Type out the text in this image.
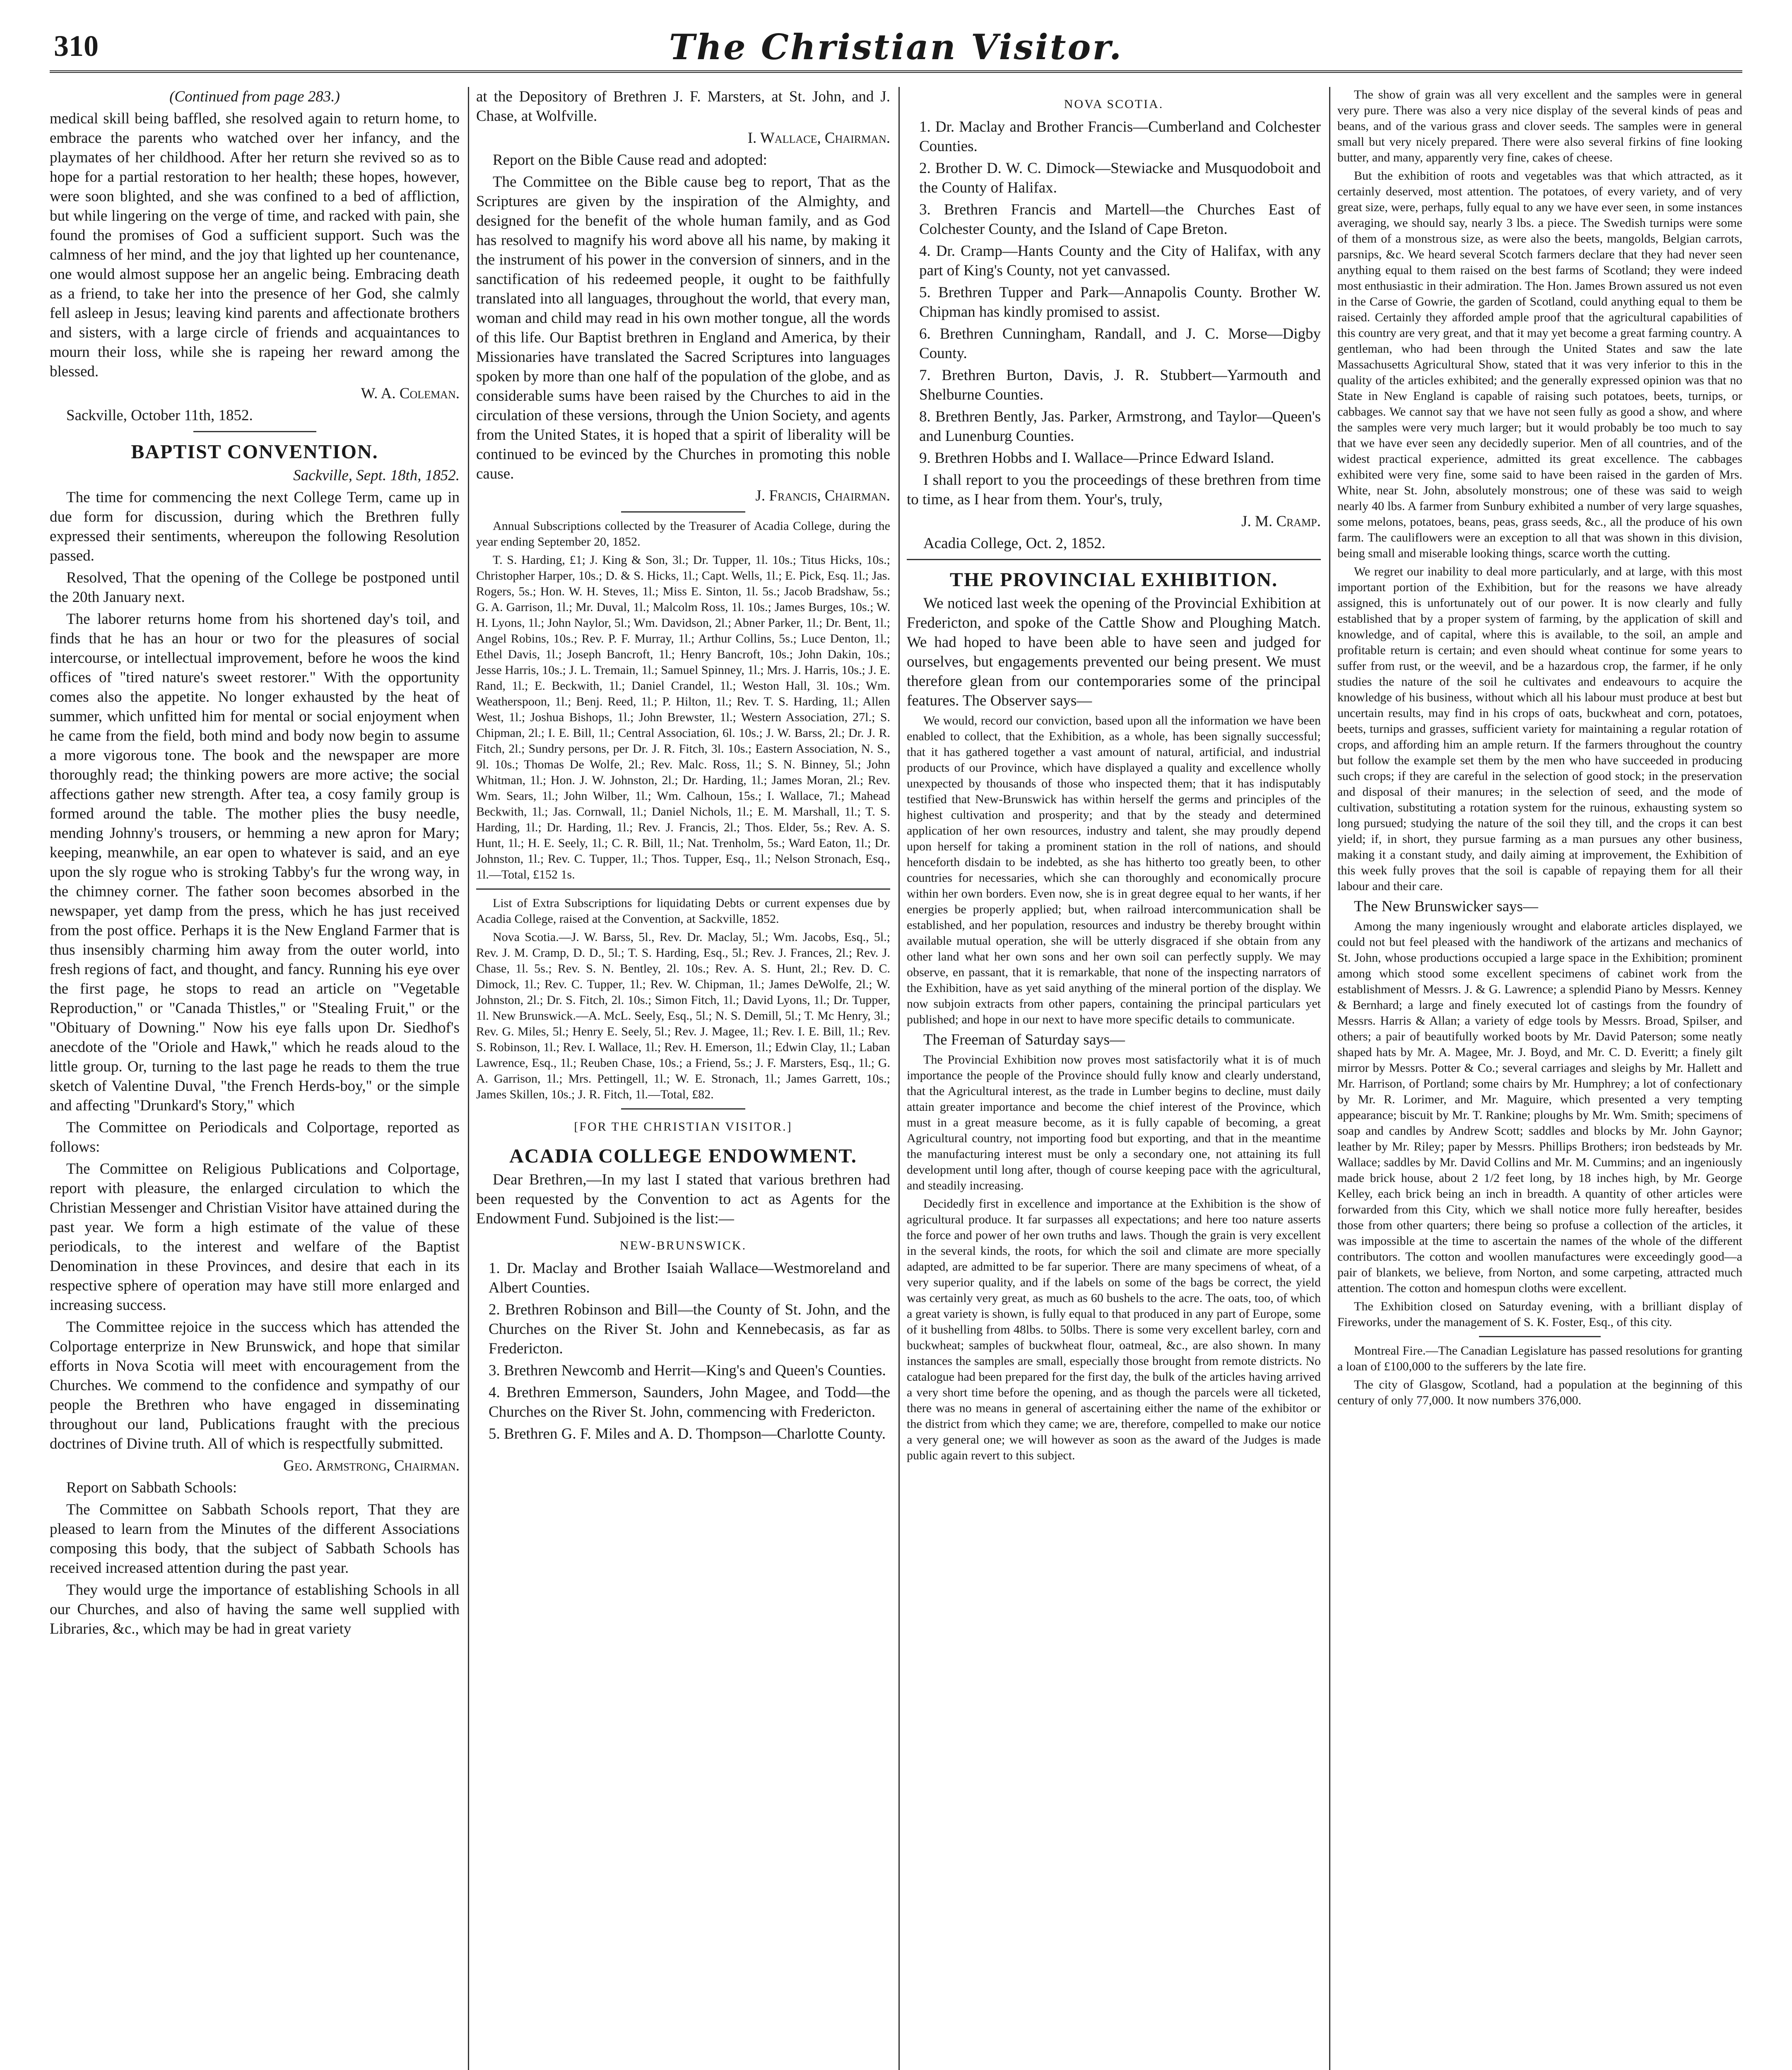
310	The Christian Visitor.

(Continued from page 283.)

medical skill being baffled, she resolved again to return home, to embrace the parents who watched over her infancy, and the playmates of her childhood. After her return she revived so as to hope for a partial restoration to her health; these hopes, however, were soon blighted, and she was confined to a bed of affliction, but while lingering on the verge of time, and racked with pain, she found the promises of God a sufficient support. Such was the calmness of her mind, and the joy that lighted up her countenance, one would almost suppose her an angelic being. Embracing death as a friend, to take her into the presence of her God, she calmly fell asleep in Jesus; leaving kind parents and affectionate brothers and sisters, with a large circle of friends and acquaintances to mourn their loss, while she is rapeing her reward among the blessed.

W. A. Coleman.

Sackville, October 11th, 1852.

BAPTIST CONVENTION.

Sackville, Sept. 18th, 1852.

The time for commencing the next College Term, came up in due form for discussion, during which the Brethren fully expressed their sentiments, whereupon the following Resolution passed.

Resolved, That the opening of the College be postponed until the 20th January next.

The laborer returns home from his shortened day's toil, and finds that he has an hour or two for the pleasures of social intercourse, or intellectual improvement, before he woos the kind offices of "tired nature's sweet restorer." With the opportunity comes also the appetite. No longer exhausted by the heat of summer, which unfitted him for mental or social enjoyment when he came from the field, both mind and body now begin to assume a more vigorous tone. The book and the newspaper are more thoroughly read; the thinking powers are more active; the social affections gather new strength. After tea, a cosy family group is formed around the table. The mother plies the busy needle, mending Johnny's trousers, or hemming a new apron for Mary; keeping, meanwhile, an ear open to whatever is said, and an eye upon the sly rogue who is stroking Tabby's fur the wrong way, in the chimney corner. The father soon becomes absorbed in the newspaper, yet damp from the press, which he has just received from the post office. Perhaps it is the New England Farmer that is thus insensibly charming him away from the outer world, into fresh regions of fact, and thought, and fancy. Running his eye over the first page, he stops to read an article on "Vegetable Reproduction," or "Canada Thistles," or "Stealing Fruit," or the "Obituary of Downing." Now his eye falls upon Dr. Siedhof's anecdote of the "Oriole and Hawk," which he reads aloud to the little group. Or, turning to the last page he reads to them the true sketch of Valentine Duval, "the French Herds-boy," or the simple and affecting "Drunkard's Story," which

The Committee on Periodicals and Colportage, reported as follows:

The Committee on Religious Publications and Colportage, report with pleasure, the enlarged circulation to which the Christian Messenger and Christian Visitor have attained during the past year. We form a high estimate of the value of these periodicals, to the interest and welfare of the Baptist Denomination in these Provinces, and desire that each in its respective sphere of operation may have still more enlarged and increasing success.

The Committee rejoice in the success which has attended the Colportage enterprize in New Brunswick, and hope that similar efforts in Nova Scotia will meet with encouragement from the Churches. We commend to the confidence and sympathy of our people the Brethren who have engaged in disseminating throughout our land, Publications fraught with the precious doctrines of Divine truth. All of which is respectfully submitted.

Geo. Armstrong, Chairman.

Report on Sabbath Schools:

The Committee on Sabbath Schools report, That they are pleased to learn from the Minutes of the different Associations composing this body, that the subject of Sabbath Schools has received increased attention during the past year.

They would urge the importance of establishing Schools in all our Churches, and also of having the same well supplied with Libraries, &c., which may be had in great variety

at the Depository of Brethren J. F. Marsters, at St. John, and J. Chase, at Wolfville.

I. Wallace, Chairman.

Report on the Bible Cause read and adopted:

The Committee on the Bible cause beg to report, That as the Scriptures are given by the inspiration of the Almighty, and designed for the benefit of the whole human family, and as God has resolved to magnify his word above all his name, by making it the instrument of his power in the conversion of sinners, and in the sanctification of his redeemed people, it ought to be faithfully translated into all languages, throughout the world, that every man, woman and child may read in his own mother tongue, all the words of this life. Our Baptist brethren in England and America, by their Missionaries have translated the Sacred Scriptures into languages spoken by more than one half of the population of the globe, and as considerable sums have been raised by the Churches to aid in the circulation of these versions, through the Union Society, and agents from the United States, it is hoped that a spirit of liberality will be continued to be evinced by the Churches in promoting this noble cause.

J. Francis, Chairman.

Annual Subscriptions collected by the Treasurer of Acadia College, during the year ending September 20, 1852.

T. S. Harding, £1; J. King & Son, 3l.; Dr. Tupper, 1l. 10s.; Titus Hicks, 10s.; Christopher Harper, 10s.; D. & S. Hicks, 1l.; Capt. Wells, 1l.; E. Pick, Esq. 1l.; Jas. Rogers, 5s.; Hon. W. H. Steves, 1l.; Miss E. Sinton, 1l. 5s.; Jacob Bradshaw, 5s.; G. A. Garrison, 1l.; Mr. Duval, 1l.; Malcolm Ross, 1l. 10s.; James Burges, 10s.; W. H. Lyons, 1l.; John Naylor, 5l.; Wm. Davidson, 2l.; Abner Parker, 1l.; Dr. Bent, 1l.; Angel Robins, 10s.; Rev. P. F. Murray, 1l.; Arthur Collins, 5s.; Luce Denton, 1l.; Ethel Davis, 1l.; Joseph Bancroft, 1l.; Henry Bancroft, 10s.; John Dakin, 10s.; Jesse Harris, 10s.; J. L. Tremain, 1l.; Samuel Spinney, 1l.; Mrs. J. Harris, 10s.; J. E. Rand, 1l.; E. Beckwith, 1l.; Daniel Crandel, 1l.; Weston Hall, 3l. 10s.; Wm. Weatherspoon, 1l.; Benj. Reed, 1l.; P. Hilton, 1l.; Rev. T. S. Harding, 1l.; Allen West, 1l.; Joshua Bishops, 1l.; John Brewster, 1l.; Western Association, 27l.; S. Chipman, 2l.; I. E. Bill, 1l.; Central Association, 6l. 10s.; J. W. Barss, 2l.; Dr. J. R. Fitch, 2l.; Sundry persons, per Dr. J. R. Fitch, 3l. 10s.; Eastern Association, N. S., 9l. 10s.; Thomas De Wolfe, 2l.; Rev. Malc. Ross, 1l.; S. N. Binney, 5l.; John Whitman, 1l.; Hon. J. W. Johnston, 2l.; Dr. Harding, 1l.; James Moran, 2l.; Rev. Wm. Sears, 1l.; John Wilber, 1l.; Wm. Calhoun, 15s.; I. Wallace, 7l.; Mahead Beckwith, 1l.; Jas. Cornwall, 1l.; Daniel Nichols, 1l.; E. M. Marshall, 1l.; T. S. Harding, 1l.; Dr. Harding, 1l.; Rev. J. Francis, 2l.; Thos. Elder, 5s.; Rev. A. S. Hunt, 1l.; H. E. Seely, 1l.; C. R. Bill, 1l.; Nat. Trenholm, 5s.; Ward Eaton, 1l.; Dr. Johnston, 1l.; Rev. C. Tupper, 1l.; Thos. Tupper, Esq., 1l.; Nelson Stronach, Esq., 1l.—Total, £152 1s.

List of Extra Subscriptions for liquidating Debts or current expenses due by Acadia College, raised at the Convention, at Sackville, 1852.

Nova Scotia.—J. W. Barss, 5l., Rev. Dr. Maclay, 5l.; Wm. Jacobs, Esq., 5l.; Rev. J. M. Cramp, D. D., 5l.; T. S. Harding, Esq., 5l.; Rev. J. Frances, 2l.; Rev. J. Chase, 1l. 5s.; Rev. S. N. Bentley, 2l. 10s.; Rev. A. S. Hunt, 2l.; Rev. D. C. Dimock, 1l.; Rev. C. Tupper, 1l.; Rev. W. Chipman, 1l.; James DeWolfe, 2l.; W. Johnston, 2l.; Dr. S. Fitch, 2l. 10s.; Simon Fitch, 1l.; David Lyons, 1l.; Dr. Tupper, 1l. New Brunswick.—A. McL. Seely, Esq., 5l.; N. S. Demill, 5l.; T. Mc Henry, 3l.; Rev. G. Miles, 5l.; Henry E. Seely, 5l.; Rev. J. Magee, 1l.; Rev. I. E. Bill, 1l.; Rev. S. Robinson, 1l.; Rev. I. Wallace, 1l.; Rev. H. Emerson, 1l.; Edwin Clay, 1l.; Laban Lawrence, Esq., 1l.; Reuben Chase, 10s.; a Friend, 5s.; J. F. Marsters, Esq., 1l.; G. A. Garrison, 1l.; Mrs. Pettingell, 1l.; W. E. Stronach, 1l.; James Garrett, 10s.; James Skillen, 10s.; J. R. Fitch, 1l.—Total, £82.

[FOR THE CHRISTIAN VISITOR.]
ACADIA COLLEGE ENDOWMENT.

Dear Brethren,—In my last I stated that various brethren had been requested by the Convention to act as Agents for the Endowment Fund. Subjoined is the list:—

NEW-BRUNSWICK.

1. Dr. Maclay and Brother Isaiah Wallace—Westmoreland and Albert Counties.

2. Brethren Robinson and Bill—the County of St. John, and the Churches on the River St. John and Kennebecasis, as far as Fredericton.

3. Brethren Newcomb and Herrit—King's and Queen's Counties.

4. Brethren Emmerson, Saunders, John Magee, and Todd—the Churches on the River St. John, commencing with Fredericton.

5. Brethren G. F. Miles and A. D. Thompson—Charlotte County.

NOVA SCOTIA.

1. Dr. Maclay and Brother Francis—Cumberland and Colchester Counties.

2. Brother D. W. C. Dimock—Stewiacke and Musquodoboit and the County of Halifax.

3. Brethren Francis and Martell—the Churches East of Colchester County, and the Island of Cape Breton.

4. Dr. Cramp—Hants County and the City of Halifax, with any part of King's County, not yet canvassed.

5. Brethren Tupper and Park—Annapolis County. Brother W. Chipman has kindly promised to assist.

6. Brethren Cunningham, Randall, and J. C. Morse—Digby County.

7. Brethren Burton, Davis, J. R. Stubbert—Yarmouth and Shelburne Counties.

8. Brethren Bently, Jas. Parker, Armstrong, and Taylor—Queen's and Lunenburg Counties.

9. Brethren Hobbs and I. Wallace—Prince Edward Island.

I shall report to you the proceedings of these brethren from time to time, as I hear from them. Your's, truly,

J. M. Cramp.

Acadia College, Oct. 2, 1852.

THE PROVINCIAL EXHIBITION.

We noticed last week the opening of the Provincial Exhibition at Fredericton, and spoke of the Cattle Show and Ploughing Match. We had hoped to have been able to have seen and judged for ourselves, but engagements prevented our being present. We must therefore glean from our contemporaries some of the principal features. The Observer says—

We would, record our conviction, based upon all the information we have been enabled to collect, that the Exhibition, as a whole, has been signally successful; that it has gathered together a vast amount of natural, artificial, and industrial products of our Province, which have displayed a quality and excellence wholly unexpected by thousands of those who inspected them; that it has indisputably testified that New-Brunswick has within herself the germs and principles of the highest cultivation and prosperity; and that by the steady and determined application of her own resources, industry and talent, she may proudly depend upon herself for taking a prominent station in the roll of nations, and should henceforth disdain to be indebted, as she has hitherto too greatly been, to other countries for necessaries, which she can thoroughly and economically procure within her own borders. Even now, she is in great degree equal to her wants, if her energies be properly applied; but, when railroad intercommunication shall be established, and her population, resources and industry be thereby brought within available mutual operation, she will be utterly disgraced if she obtain from any other land what her own sons and her own soil can perfectly supply. We may observe, en passant, that it is remarkable, that none of the inspecting narrators of the Exhibition, have as yet said anything of the mineral portion of the display. We now subjoin extracts from other papers, containing the principal particulars yet published; and hope in our next to have more specific details to communicate.

The Freeman of Saturday says—

The Provincial Exhibition now proves most satisfactorily what it is of much importance the people of the Province should fully know and clearly understand, that the Agricultural interest, as the trade in Lumber begins to decline, must daily attain greater importance and become the chief interest of the Province, which must in a great measure become, as it is fully capable of becoming, a great Agricultural country, not importing food but exporting, and that in the meantime the manufacturing interest must be only a secondary one, not attaining its full development until long after, though of course keeping pace with the agricultural, and steadily increasing.

Decidedly first in excellence and importance at the Exhibition is the show of agricultural produce. It far surpasses all expectations; and here too nature asserts the force and power of her own truths and laws. Though the grain is very excellent in the several kinds, the roots, for which the soil and climate are more specially adapted, are admitted to be far superior. There are many specimens of wheat, of a very superior quality, and if the labels on some of the bags be correct, the yield was certainly very great, as much as 60 bushels to the acre. The oats, too, of which a great variety is shown, is fully equal to that produced in any part of Europe, some of it bushelling from 48lbs. to 50lbs. There is some very excellent barley, corn and buckwheat; samples of buckwheat flour, oatmeal, &c., are also shown. In many instances the samples are small, especially those brought from remote districts. No catalogue had been prepared for the first day, the bulk of the articles having arrived a very short time before the opening, and as though the parcels were all ticketed, there was no means in general of ascertaining either the name of the exhibitor or the district from which they came; we are, therefore, compelled to make our notice a very general one; we will however as soon as the award of the Judges is made public again revert to this subject.

The show of grain was all very excellent and the samples were in general very pure. There was also a very nice display of the several kinds of peas and beans, and of the various grass and clover seeds. The samples were in general small but very nicely prepared. There were also several firkins of fine looking butter, and many, apparently very fine, cakes of cheese.

But the exhibition of roots and vegetables was that which attracted, as it certainly deserved, most attention. The potatoes, of every variety, and of very great size, were, perhaps, fully equal to any we have ever seen, in some instances averaging, we should say, nearly 3 lbs. a piece. The Swedish turnips were some of them of a monstrous size, as were also the beets, mangolds, Belgian carrots, parsnips, &c. We heard several Scotch farmers declare that they had never seen anything equal to them raised on the best farms of Scotland; they were indeed most enthusiastic in their admiration. The Hon. James Brown assured us not even in the Carse of Gowrie, the garden of Scotland, could anything equal to them be raised. Certainly they afforded ample proof that the agricultural capabilities of this country are very great, and that it may yet become a great farming country. A gentleman, who had been through the United States and saw the late Massachusetts Agricultural Show, stated that it was very inferior to this in the quality of the articles exhibited; and the generally expressed opinion was that no State in New England is capable of raising such potatoes, beets, turnips, or cabbages. We cannot say that we have not seen fully as good a show, and where the samples were very much larger; but it would probably be too much to say that we have ever seen any decidedly superior. Men of all countries, and of the widest practical experience, admitted its great excellence. The cabbages exhibited were very fine, some said to have been raised in the garden of Mrs. White, near St. John, absolutely monstrous; one of these was said to weigh nearly 40 lbs. A farmer from Sunbury exhibited a number of very large squashes, some melons, potatoes, beans, peas, grass seeds, &c., all the produce of his own farm. The cauliflowers were an exception to all that was shown in this division, being small and miserable looking things, scarce worth the cutting.

We regret our inability to deal more particularly, and at large, with this most important portion of the Exhibition, but for the reasons we have already assigned, this is unfortunately out of our power. It is now clearly and fully established that by a proper system of farming, by the application of skill and knowledge, and of capital, where this is available, to the soil, an ample and profitable return is certain; and even should wheat continue for some years to suffer from rust, or the weevil, and be a hazardous crop, the farmer, if he only studies the nature of the soil he cultivates and endeavours to acquire the knowledge of his business, without which all his labour must produce at best but uncertain results, may find in his crops of oats, buckwheat and corn, potatoes, beets, turnips and grasses, sufficient variety for maintaining a regular rotation of crops, and affording him an ample return. If the farmers throughout the country but follow the example set them by the men who have succeeded in producing such crops; if they are careful in the selection of good stock; in the preservation and disposal of their manures; in the selection of seed, and the mode of cultivation, substituting a rotation system for the ruinous, exhausting system so long pursued; studying the nature of the soil they till, and the crops it can best yield; if, in short, they pursue farming as a man pursues any other business, making it a constant study, and daily aiming at improvement, the Exhibition of this week fully proves that the soil is capable of repaying them for all their labour and their care.

The New Brunswicker says—

Among the many ingeniously wrought and elaborate articles displayed, we could not but feel pleased with the handiwork of the artizans and mechanics of St. John, whose productions occupied a large space in the Exhibition; prominent among which stood some excellent specimens of cabinet work from the establishment of Messrs. J. & G. Lawrence; a splendid Piano by Messrs. Kenney & Bernhard; a large and finely executed lot of castings from the foundry of Messrs. Harris & Allan; a variety of edge tools by Messrs. Broad, Spilser, and others; a pair of beautifully worked boots by Mr. David Paterson; some neatly shaped hats by Mr. A. Magee, Mr. J. Boyd, and Mr. C. D. Everitt; a finely gilt mirror by Messrs. Potter & Co.; several carriages and sleighs by Mr. Hallett and Mr. Harrison, of Portland; some chairs by Mr. Humphrey; a lot of confectionary by Mr. R. Lorimer, and Mr. Maguire, which presented a very tempting appearance; biscuit by Mr. T. Rankine; ploughs by Mr. Wm. Smith; specimens of soap and candles by Andrew Scott; saddles and blocks by Mr. John Gaynor; leather by Mr. Riley; paper by Messrs. Phillips Brothers; iron bedsteads by Mr. Wallace; saddles by Mr. David Collins and Mr. M. Cummins; and an ingeniously made brick house, about 2 1/2 feet long, by 18 inches high, by Mr. George Kelley, each brick being an inch in breadth. A quantity of other articles were forwarded from this City, which we shall notice more fully hereafter, besides those from other quarters; there being so profuse a collection of the articles, it was impossible at the time to ascertain the names of the whole of the different contributors. The cotton and woollen manufactures were exceedingly good—a pair of blankets, we believe, from Norton, and some carpeting, attracted much attention. The cotton and homespun cloths were excellent.

The Exhibition closed on Saturday evening, with a brilliant display of Fireworks, under the management of S. K. Foster, Esq., of this city.

Montreal Fire.—The Canadian Legislature has passed resolutions for granting a loan of £100,000 to the sufferers by the late fire.

The city of Glasgow, Scotland, had a population at the beginning of this century of only 77,000. It now numbers 376,000.
